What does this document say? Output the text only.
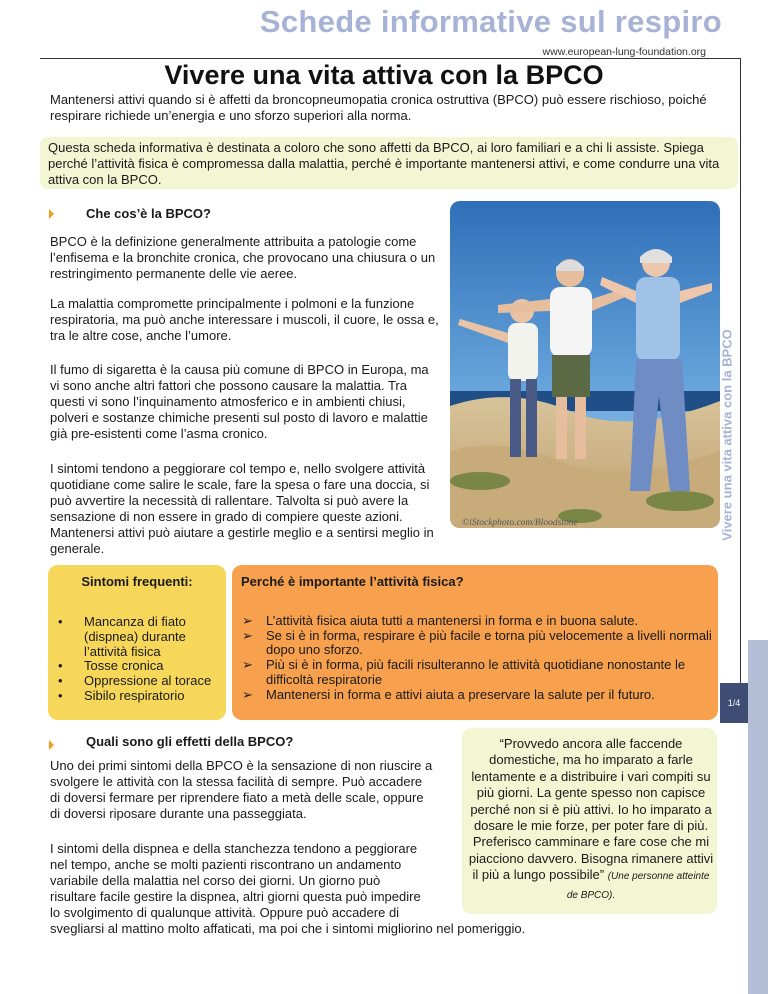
Schede informative sul respiro
www.european-lung-foundation.org
Vivere una vita attiva con la BPCO

Mantenersi attivi quando si è affetti da broncopneumopatia cronica ostruttiva (BPCO) può essere rischioso, poiché respirare richiede un’energia e uno sforzo superiori alla norma.

Questa scheda informativa è destinata a coloro che sono affetti da BPCO, ai loro familiari e a chi li assiste. Spiega perché l’attività fisica è compromessa dalla malattia, perché è importante mantenersi attivi, e come condurre una vita attiva con la BPCO.
Che cos’è la BPCO?

BPCO è la definizione generalmente attribuita a patologie come l’enfisema e la bronchite cronica, che provocano una chiusura o un restringimento permanente delle vie aeree.

La malattia compromette principalmente i polmoni e la funzione respiratoria, ma può anche interessare i muscoli, il cuore, le ossa e, tra le altre cose, anche l’umore.

Il fumo di sigaretta è la causa più comune di BPCO in Europa, ma vi sono anche altri fattori che possono causare la malattia. Tra questi vi sono l’inquinamento atmosferico e in ambienti chiusi, polveri e sostanze chimiche presenti sul posto di lavoro e malattie già pre-esistenti come l’asma cronico.

I sintomi tendono a peggiorare col tempo e, nello svolgere attività quotidiane come salire le scale, fare la spesa o fare una doccia, si può avvertire la necessità di rallentare. Talvolta si può avere la sensazione di non essere in grado di compiere queste azioni. Mantenersi attivi può aiutare a gestirle meglio e a sentirsi meglio in generale.

©iStockphoto.com/Bloodstone	Vivere una vita attiva con la BPCO
1/4
Sintomi frequenti:
• Mancanza di fiato (dispnea) durante l’attività fisica
• Tosse cronica
• Oppressione al torace
• Sibilo respiratorio
Perché è importante l’attività fisica?
➢ L’attività fisica aiuta tutti a mantenersi in forma e in buona salute.
➢ Se si è in forma, respirare è più facile e torna più velocemente a livelli normali dopo uno sforzo.
➢ Più si è in forma, più facili risulteranno le attività quotidiane nonostante le difficoltà respiratorie
➢ Mantenersi in forma e attivi aiuta a preservare la salute per il futuro.
Quali sono gli effetti della BPCO?
Uno dei primi sintomi della BPCO è la sensazione di non riuscire a
svolgere le attività con la stessa facilità di sempre. Può accadere
di doversi fermare per riprendere fiato a metà delle scale, oppure
di doversi riposare durante una passeggiata.
I sintomi della dispnea e della stanchezza tendono a peggiorare
nel tempo, anche se molti pazienti riscontrano un andamento
variabile della malattia nel corso dei giorni. Un giorno può
risultare facile gestire la dispnea, altri giorni questa può impedire
lo svolgimento di qualunque attività. Oppure può accadere di
svegliarsi al mattino molto affaticati, ma poi che i sintomi migliorino nel pomeriggio.
“Provvedo ancora alle faccende domestiche, ma ho imparato a farle lentamente e a distribuire i vari compiti su più giorni. La gente spesso non capisce perché non si è più attivi. Io ho imparato a dosare le mie forze, per poter fare di più. Preferisco camminare e fare cose che mi piacciono davvero. Bisogna rimanere attivi il più a lungo possibile” (Une personne atteinte de BPCO).
